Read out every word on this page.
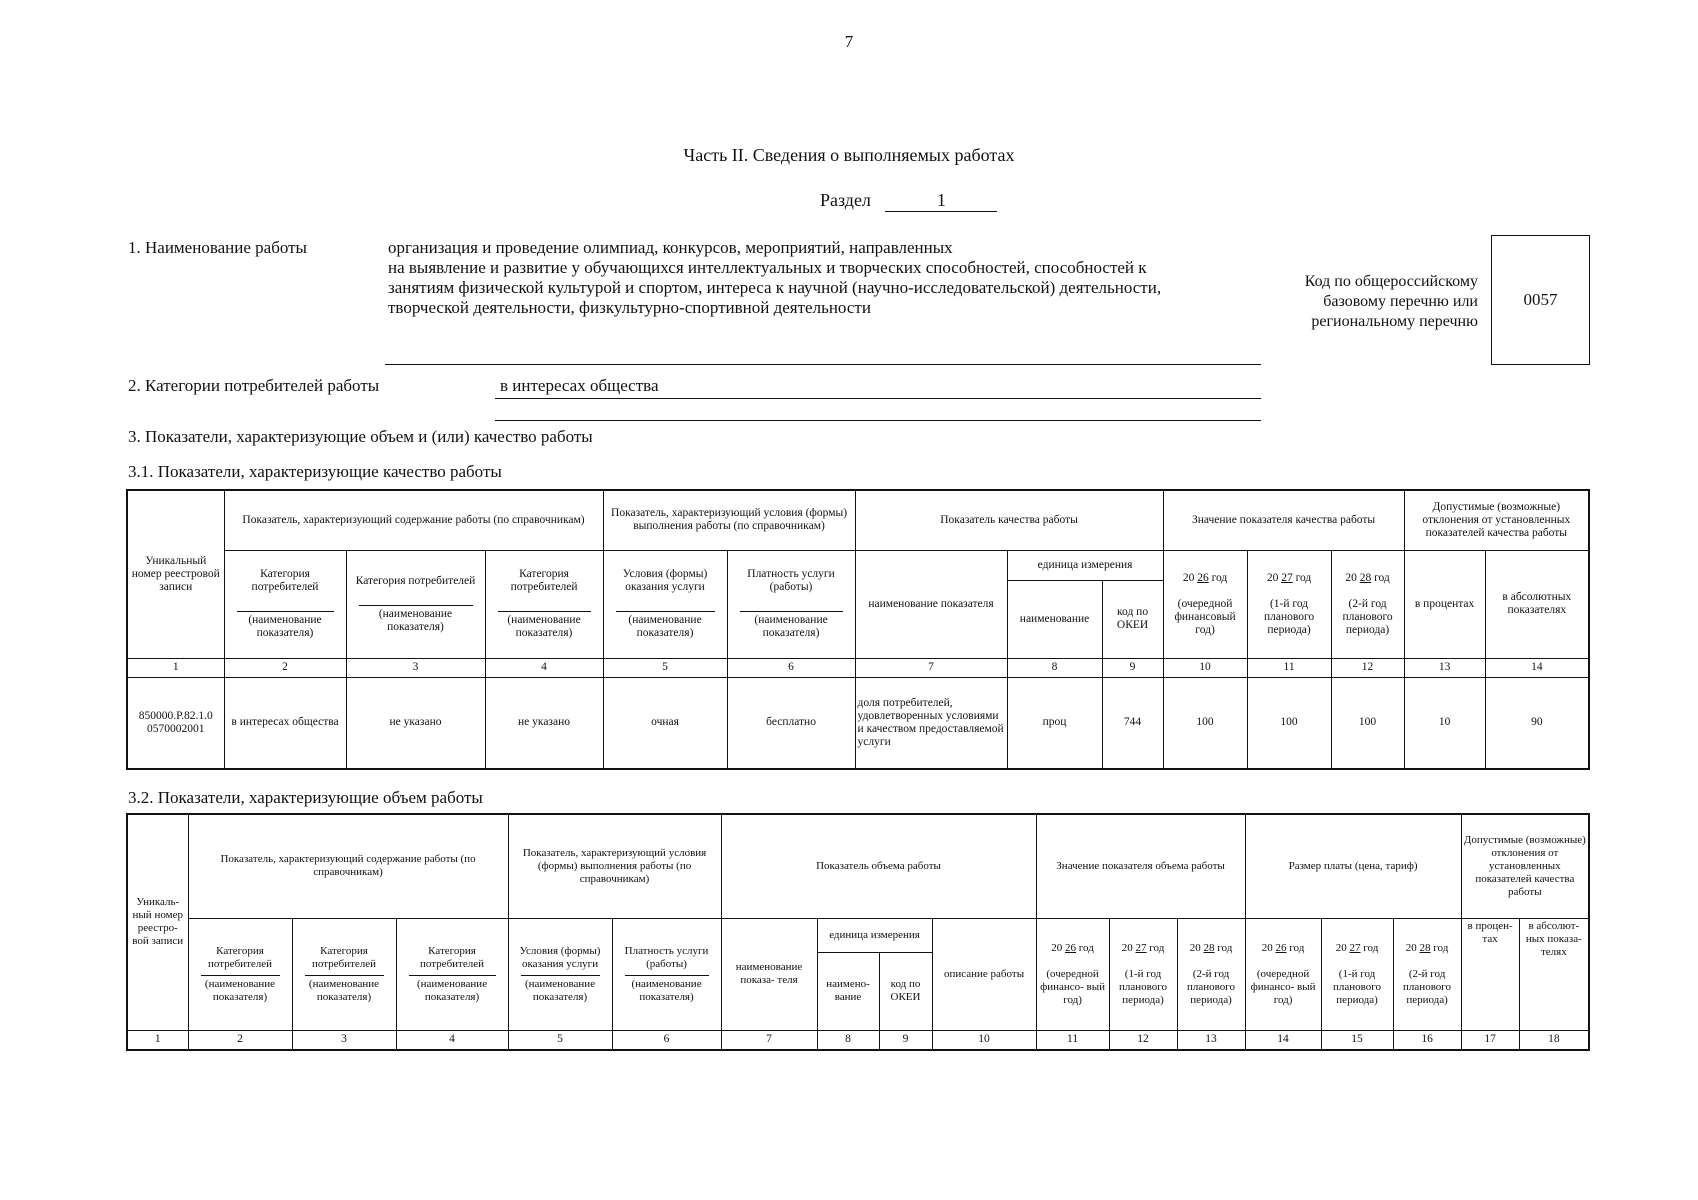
7
Часть II. Сведения о выполняемых работах
Раздел	1
1. Наименование работы	организация и проведение олимпиад, конкурсов, мероприятий, направленных
на выявление и развитие у обучающихся интеллектуальных и творческих способностей, способностей к
занятиям физической культурой и спортом, интереса к научной (научно-исследовательской) деятельности,
творческой деятельности, физкультурно-спортивной деятельности
Код по общероссийскому
базовому перечню или
региональному перечню
0057
2. Категории потребителей работы	в интересах общества
3. Показатели, характеризующие объем и (или) качество работы
3.1. Показатели, характеризующие качество работы
Уникальный номер реестровой записи	Показатель, характеризующий содержание работы (по справочникам)			Показатель, характеризующий условия (формы) выполнения работы (по справочникам)		Показатель качества работы			Значение показателя качества работы			Допустимые (возможные) отклонения от установленных показателей качества работы	
	Категория потребителей

(наименование показателя)	Категория потребителей

(наименование показателя)	Категория потребителей

(наименование показателя)	Условия (формы) оказания услуги

(наименование показателя)	Платность услуги (работы)

(наименование показателя)	наименование показателя	единица измерения		20 26 год

(очередной финансовый год)	20 27 год

(1-й год планового периода)	20 28 год

(2-й год планового периода)	в процентах	в абсолютных показателях
							наименование	код по ОКЕИ					
1	2	3	4	5	6	7	8	9	10	11	12	13	14
850000.Р.82.1.0 0570002001	в интересах общества	не указано	не указано	очная	бесплатно	доля потребителей, удовлетворенных условиями и качеством предоставляемой услуги	проц	744	100	100	100	10	90
3.2. Показатели, характеризующие объем работы
Уникаль- ный номер реестро- вой записи	Показатель, характеризующий содержание работы (по справочникам)			Показатель, характеризующий условия (формы) выполнения работы (по справочникам)		Показатель объема работы				Значение показателя объема работы			Размер платы (цена, тариф)			Допустимые (возможные) отклонения от установленных показателей качества работы	
	Категория потребителей
(наименование показателя)	Категория потребителей
(наименование показателя)	Категория потребителей
(наименование показателя)	Условия (формы) оказания услуги
(наименование показателя)	Платность услуги (работы)
(наименование показателя)	наименование показа- теля	единица измерения		описание работы	20 26 год

(очередной финансо- вый год)	20 27 год

(1-й год планового периода)	20 28 год

(2-й год планового периода)	20 26 год

(очередной финансо- вый год)	20 27 год

(1-й год планового периода)	20 28 год

(2-й год планового периода)	в процен- тах	в абсолют- ных показа- телях
							наимено- вание	код по ОКЕИ									
1	2	3	4	5	6	7	8	9	10	11	12	13	14	15	16	17	18
